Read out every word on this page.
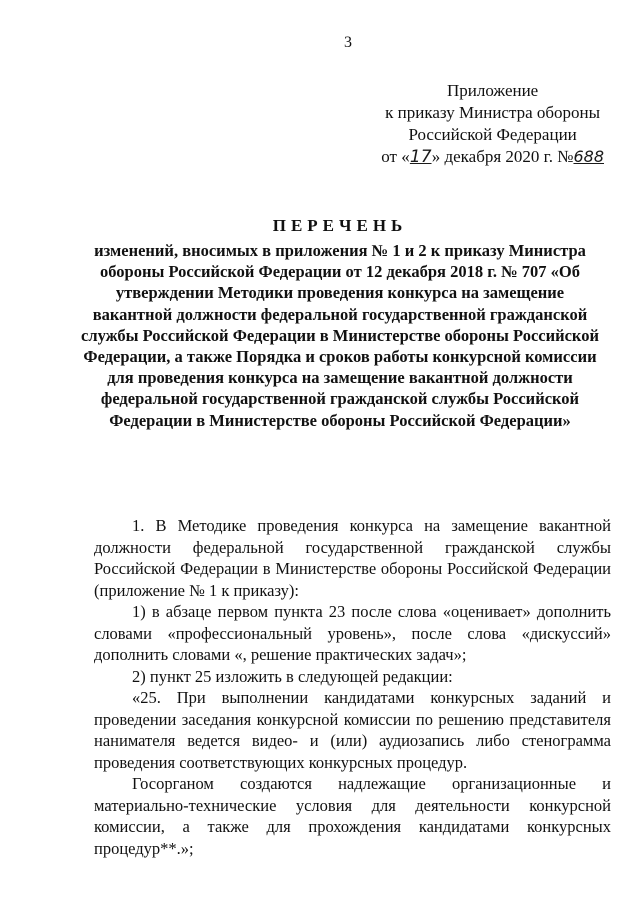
3
Приложение
к приказу Министра обороны
Российской Федерации
от «17» декабря 2020 г. №688
ПЕРЕЧЕНЬ
изменений, вносимых в приложения № 1 и 2 к приказу Министра обороны Российской Федерации от 12 декабря 2018 г. № 707 «Об утверждении Методики проведения конкурса на замещение вакантной должности федеральной государственной гражданской службы Российской Федерации в Министерстве обороны Российской Федерации, а также Порядка и сроков работы конкурсной комиссии для проведения конкурса на замещение вакантной должности федеральной государственной гражданской службы Российской Федерации в Министерстве обороны Российской Федерации»

1. В Методике проведения конкурса на замещение вакантной должности федеральной государственной гражданской службы Российской Федерации в Министерстве обороны Российской Федерации (приложение № 1 к приказу):

1) в абзаце первом пункта 23 после слова «оценивает» дополнить словами «профессиональный уровень», после слова «дискуссий» дополнить словами «, решение практических задач»;

2) пункт 25 изложить в следующей редакции:

«25. При выполнении кандидатами конкурсных заданий и проведении заседания конкурсной комиссии по решению представителя нанимателя ведется видео- и (или) аудиозапись либо стенограмма проведения соответствующих конкурсных процедур.

Госорганом создаются надлежащие организационные и материально-технические условия для деятельности конкурсной комиссии, а также для прохождения кандидатами конкурсных процедур**.»;
